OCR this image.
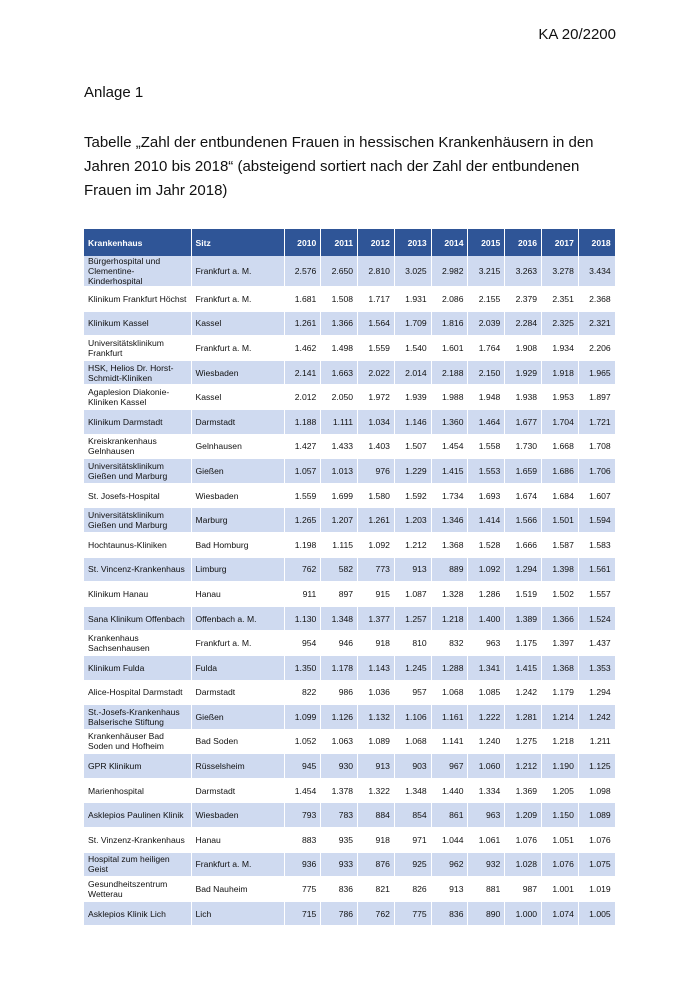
KA 20/2200
Anlage 1
Tabelle „Zahl der entbundenen Frauen in hessischen Krankenhäusern in den Jahren 2010 bis 2018“ (absteigend sortiert nach der Zahl der entbundenen Frauen im Jahr 2018)
Krankenhaus	Sitz	2010	2011	2012	2013	2014	2015	2016	2017	2018
Bürgerhospital und Clementine-Kinderhospital	Frankfurt a. M.	2.576	2.650	2.810	3.025	2.982	3.215	3.263	3.278	3.434
Klinikum Frankfurt Höchst	Frankfurt a. M.	1.681	1.508	1.717	1.931	2.086	2.155	2.379	2.351	2.368
Klinikum Kassel	Kassel	1.261	1.366	1.564	1.709	1.816	2.039	2.284	2.325	2.321
Universitätsklinikum Frankfurt	Frankfurt a. M.	1.462	1.498	1.559	1.540	1.601	1.764	1.908	1.934	2.206
HSK, Helios Dr. Horst-Schmidt-Kliniken	Wiesbaden	2.141	1.663	2.022	2.014	2.188	2.150	1.929	1.918	1.965
Agaplesion Diakonie-Kliniken Kassel	Kassel	2.012	2.050	1.972	1.939	1.988	1.948	1.938	1.953	1.897
Klinikum Darmstadt	Darmstadt	1.188	1.111	1.034	1.146	1.360	1.464	1.677	1.704	1.721
Kreiskrankenhaus Gelnhausen	Gelnhausen	1.427	1.433	1.403	1.507	1.454	1.558	1.730	1.668	1.708
Universitätsklinikum Gießen und Marburg	Gießen	1.057	1.013	976	1.229	1.415	1.553	1.659	1.686	1.706
St. Josefs-Hospital	Wiesbaden	1.559	1.699	1.580	1.592	1.734	1.693	1.674	1.684	1.607
Universitätsklinikum Gießen und Marburg	Marburg	1.265	1.207	1.261	1.203	1.346	1.414	1.566	1.501	1.594
Hochtaunus-Kliniken	Bad Homburg	1.198	1.115	1.092	1.212	1.368	1.528	1.666	1.587	1.583
St. Vincenz-Krankenhaus	Limburg	762	582	773	913	889	1.092	1.294	1.398	1.561
Klinikum Hanau	Hanau	911	897	915	1.087	1.328	1.286	1.519	1.502	1.557
Sana Klinikum Offenbach	Offenbach a. M.	1.130	1.348	1.377	1.257	1.218	1.400	1.389	1.366	1.524
Krankenhaus Sachsenhausen	Frankfurt a. M.	954	946	918	810	832	963	1.175	1.397	1.437
Klinikum Fulda	Fulda	1.350	1.178	1.143	1.245	1.288	1.341	1.415	1.368	1.353
Alice-Hospital Darmstadt	Darmstadt	822	986	1.036	957	1.068	1.085	1.242	1.179	1.294
St.-Josefs-Krankenhaus Balserische Stiftung	Gießen	1.099	1.126	1.132	1.106	1.161	1.222	1.281	1.214	1.242
Krankenhäuser Bad Soden und Hofheim	Bad Soden	1.052	1.063	1.089	1.068	1.141	1.240	1.275	1.218	1.211
GPR Klinikum	Rüsselsheim	945	930	913	903	967	1.060	1.212	1.190	1.125
Marienhospital	Darmstadt	1.454	1.378	1.322	1.348	1.440	1.334	1.369	1.205	1.098
Asklepios Paulinen Klinik	Wiesbaden	793	783	884	854	861	963	1.209	1.150	1.089
St. Vinzenz-Krankenhaus	Hanau	883	935	918	971	1.044	1.061	1.076	1.051	1.076
Hospital zum heiligen Geist	Frankfurt a. M.	936	933	876	925	962	932	1.028	1.076	1.075
Gesundheitszentrum Wetterau	Bad Nauheim	775	836	821	826	913	881	987	1.001	1.019
Asklepios Klinik Lich	Lich	715	786	762	775	836	890	1.000	1.074	1.005
